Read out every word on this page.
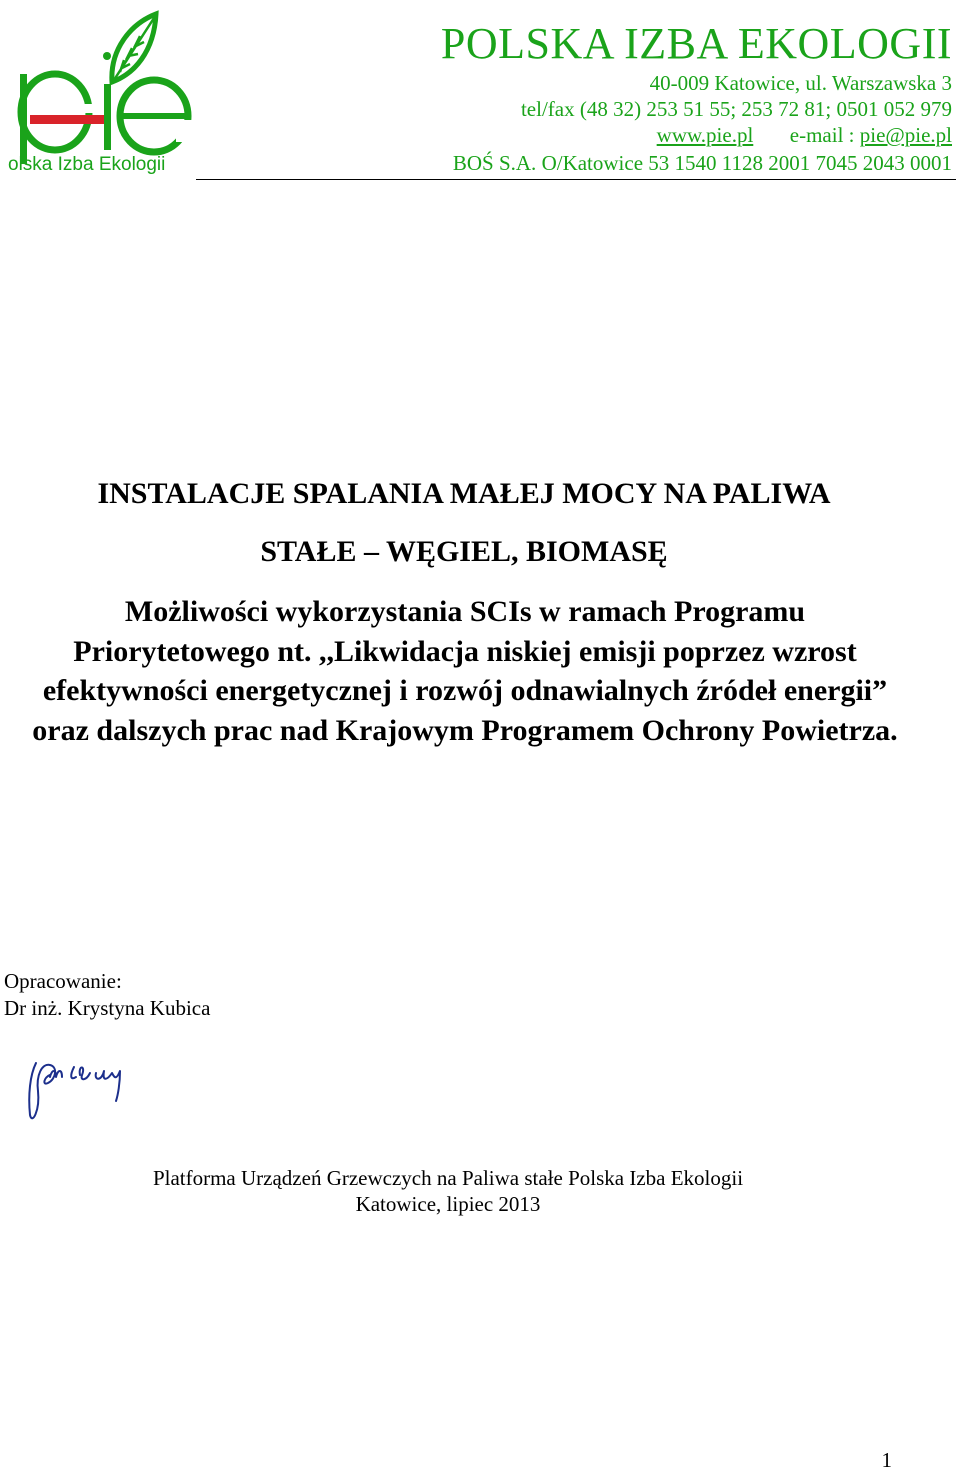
olska Izba Ekologii
POLSKA IZBA EKOLOGII
40-009 Katowice, ul. Warszawska 3
tel/fax (48 32) 253 51 55; 253 72 81; 0501 052 979
www.pie.pl e-mail : pie@pie.pl
BOŚ S.A. O/Katowice 53 1540 1128 2001 7045 2043 0001
INSTALACJE SPALANIA MAŁEJ MOCY NA PALIWA
STAŁE – WĘGIEL, BIOMASĘ
Możliwości wykorzystania SCIs w ramach Programu Priorytetowego nt. ,,Likwidacja niskiej emisji poprzez wzrost efektywności energetycznej i rozwój odnawialnych źródeł energii” oraz dalszych prac nad Krajowym Programem Ochrony Powietrza.
Opracowanie:
Dr inż. Krystyna Kubica
Platforma Urządzeń Grzewczych na Paliwa stałe Polska Izba Ekologii
Katowice, lipiec 2013
1
